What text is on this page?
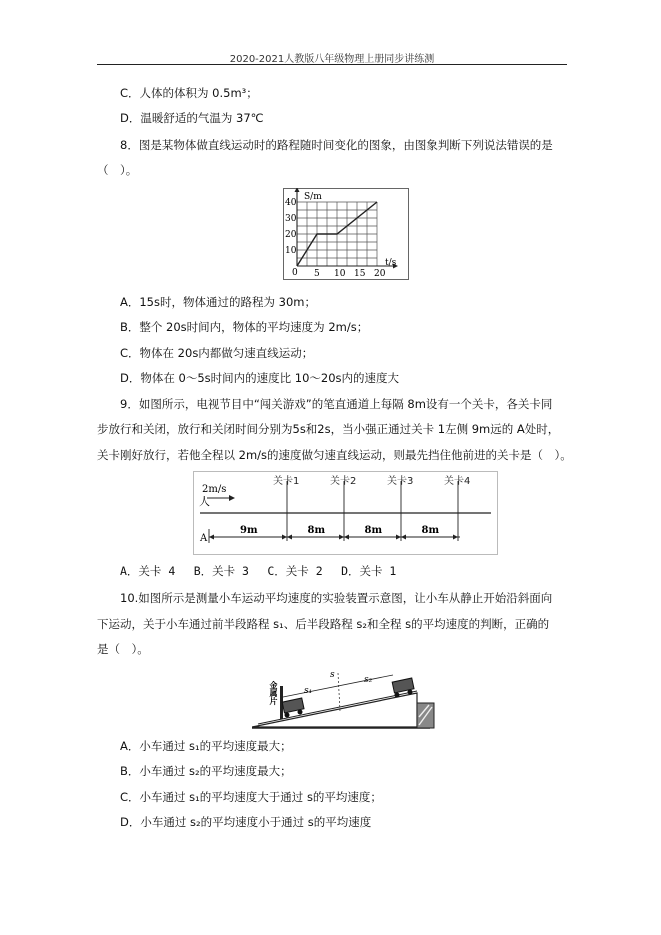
2020-2021人教版八年级物理上册同步讲练测
C．人体的体积为 0.5m³；
D．温暖舒适的气温为 37℃
8．图是某物体做直线运动时的路程随时间变化的图象，由图象判断下列说法错误的是
（　）。
5 10 15 20
10
20
30
40
S/m
t/s
0
A．15s时，物体通过的路程为 30m；
B．整个 20s时间内，物体的平均速度为 2m/s；
C．物体在 20s内都做匀速直线运动；
D．物体在 0～5s时间内的速度比 10～20s内的速度大
9．如图所示，电视节目中“闯关游戏”的笔直通道上每隔 8m设有一个关卡，各关卡同
步放行和关闭，放行和关闭时间分别为5s和2s，当小强正通过关卡 1左侧 9m远的 A处时，
关卡刚好放行，若他全程以 2m/s的速度做匀速直线运动，则最先挡住他前进的关卡是（　）。
2m/s
人
A
关卡1	关卡2	关卡3	关卡4
9m	8m	8m	8m
A．关卡 4　 B．关卡 3　 C．关卡 2　 D．关卡 1
10.如图所示是测量小车运动平均速度的实验装置示意图，让小车从静止开始沿斜面向
下运动，关于小车通过前半段路程 s₁、后半段路程 s₂和全程 s的平均速度的判断，正确的
是（　）。
金属片
s
s₁
s₂
A．小车通过 s₁的平均速度最大；
B．小车通过 s₂的平均速度最大；
C．小车通过 s₁的平均速度大于通过 s的平均速度；
D．小车通过 s₂的平均速度小于通过 s的平均速度
